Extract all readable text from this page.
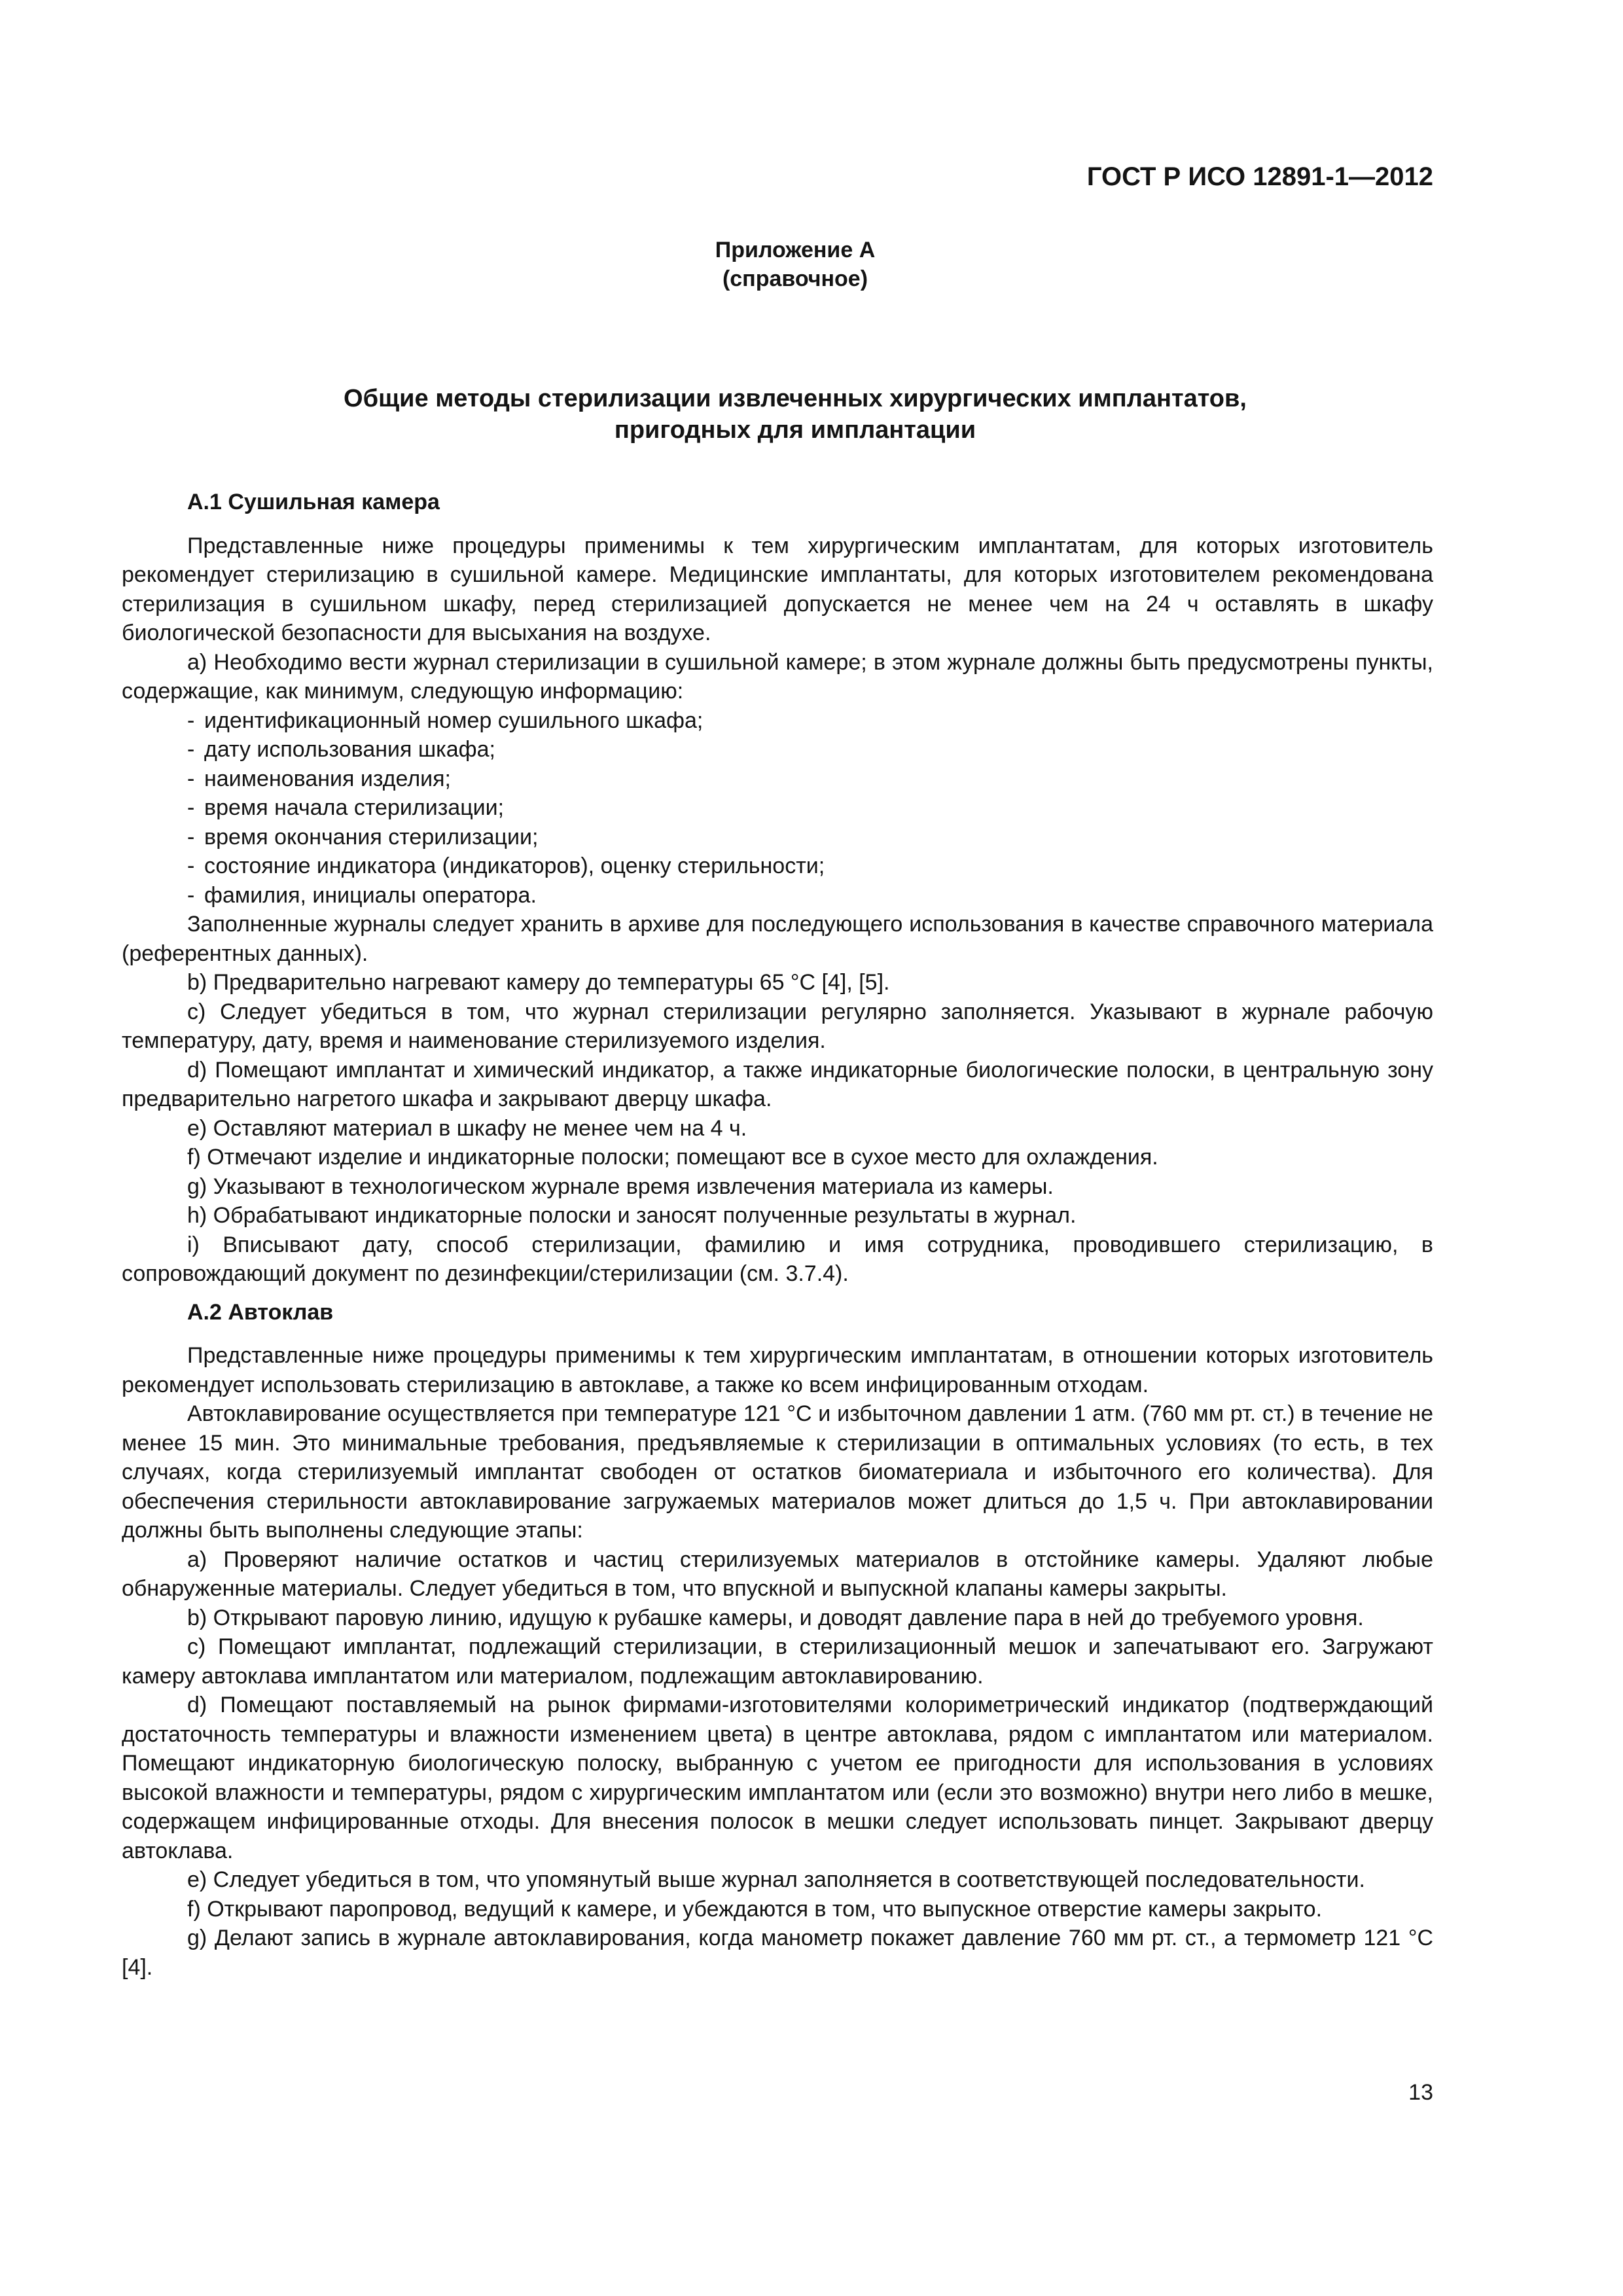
ГОСТ Р ИСО 12891-1—2012
Приложение А
(справочное)
Общие методы стерилизации извлеченных хирургических имплантатов,
пригодных для имплантации
А.1 Сушильная камера

Представленные ниже процедуры применимы к тем хирургическим имплантатам, для которых изготовитель рекомендует стерилизацию в сушильной камере. Медицинские имплантаты, для которых изготовителем рекомендована стерилизация в сушильном шкафу, перед стерилизацией допускается не менее чем на 24 ч оставлять в шкафу биологической безопасности для высыхания на воздухе.

а) Необходимо вести журнал стерилизации в сушильной камере; в этом журнале должны быть предусмотрены пункты, содержащие, как минимум, следующую информацию:

- идентификационный номер сушильного шкафа;
- дату использования шкафа;
- наименования изделия;
- время начала стерилизации;
- время окончания стерилизации;
- состояние индикатора (индикаторов), оценку стерильности;
- фамилия, инициалы оператора.

Заполненные журналы следует хранить в архиве для последующего использования в качестве справочного материала (референтных данных).

b) Предварительно нагревают камеру до температуры 65 °С [4], [5].

с) Следует убедиться в том, что журнал стерилизации регулярно заполняется. Указывают в журнале рабочую температуру, дату, время и наименование стерилизуемого изделия.

d) Помещают имплантат и химический индикатор, а также индикаторные биологические полоски, в центральную зону предварительно нагретого шкафа и закрывают дверцу шкафа.

е) Оставляют материал в шкафу не менее чем на 4 ч.

f) Отмечают изделие и индикаторные полоски; помещают все в сухое место для охлаждения.

g) Указывают в технологическом журнале время извлечения материала из камеры.

h) Обрабатывают индикаторные полоски и заносят полученные результаты в журнал.

i) Вписывают дату, способ стерилизации, фамилию и имя сотрудника, проводившего стерилизацию, в сопровождающий документ по дезинфекции/стерилизации (см. 3.7.4).

А.2 Автоклав

Представленные ниже процедуры применимы к тем хирургическим имплантатам, в отношении которых изготовитель рекомендует использовать стерилизацию в автоклаве, а также ко всем инфицированным отходам.

Автоклавирование осуществляется при температуре 121 °С и избыточном давлении 1 атм. (760 мм рт. ст.) в течение не менее 15 мин. Это минимальные требования, предъявляемые к стерилизации в оптимальных условиях (то есть, в тех случаях, когда стерилизуемый имплантат свободен от остатков биоматериала и избыточного его количества). Для обеспечения стерильности автоклавирование загружаемых материалов может длиться до 1,5 ч. При автоклавировании должны быть выполнены следующие этапы:

а) Проверяют наличие остатков и частиц стерилизуемых материалов в отстойнике камеры. Удаляют любые обнаруженные материалы. Следует убедиться в том, что впускной и выпускной клапаны камеры закрыты.

b) Открывают паровую линию, идущую к рубашке камеры, и доводят давление пара в ней до требуемого уровня.

с) Помещают имплантат, подлежащий стерилизации, в стерилизационный мешок и запечатывают его. Загружают камеру автоклава имплантатом или материалом, подлежащим автоклавированию.

d) Помещают поставляемый на рынок фирмами-изготовителями колориметрический индикатор (подтверждающий достаточность температуры и влажности изменением цвета) в центре автоклава, рядом с имплантатом или материалом. Помещают индикаторную биологическую полоску, выбранную с учетом ее пригодности для использования в условиях высокой влажности и температуры, рядом с хирургическим имплантатом или (если это возможно) внутри него либо в мешке, содержащем инфицированные отходы. Для внесения полосок в мешки следует использовать пинцет. Закрывают дверцу автоклава.

е) Следует убедиться в том, что упомянутый выше журнал заполняется в соответствующей последовательности.

f) Открывают паропровод, ведущий к камере, и убеждаются в том, что выпускное отверстие камеры закрыто.

g) Делают запись в журнале автоклавирования, когда манометр покажет давление 760 мм рт. ст., а термометр 121 °С [4].

13
